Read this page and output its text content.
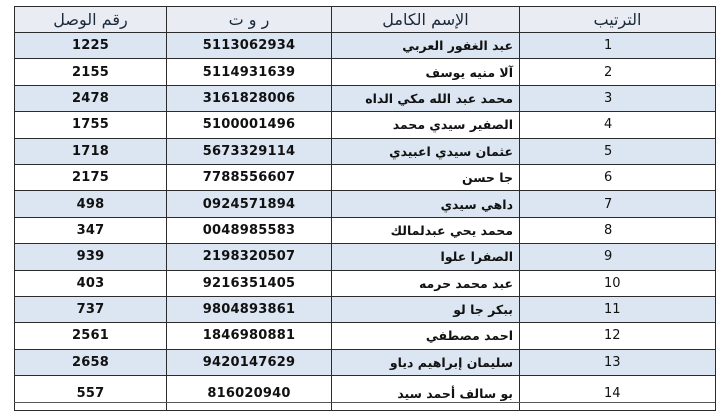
رقم الوصل	ر و ت	الإسم الكامل	الترتيب
1225	5113062934	عبد الغفور العربي	1
2155	5114931639	آلا منيه يوسف	2
2478	3161828006	محمد عبد الله مكي الداه	3
1755	5100001496	الصفير سيدي محمد	4
1718	5673329114	عثمان سيدي اعبيدي	5
2175	7788556607	جا حسن	6
498	0924571894	داهي سيدي	7
347	0048985583	محمد يحي عبدلمالك	8
939	2198320507	الصفرا علوا	9
403	9216351405	عبد محمد حرمه	10
737	9804893861	ببكر جا لو	11
2561	1846980881	احمد مصطفي	12
2658	9420147629	سليمان إبراهيم دياو	13
557	816020940	بو سالف أحمد سيد	14
